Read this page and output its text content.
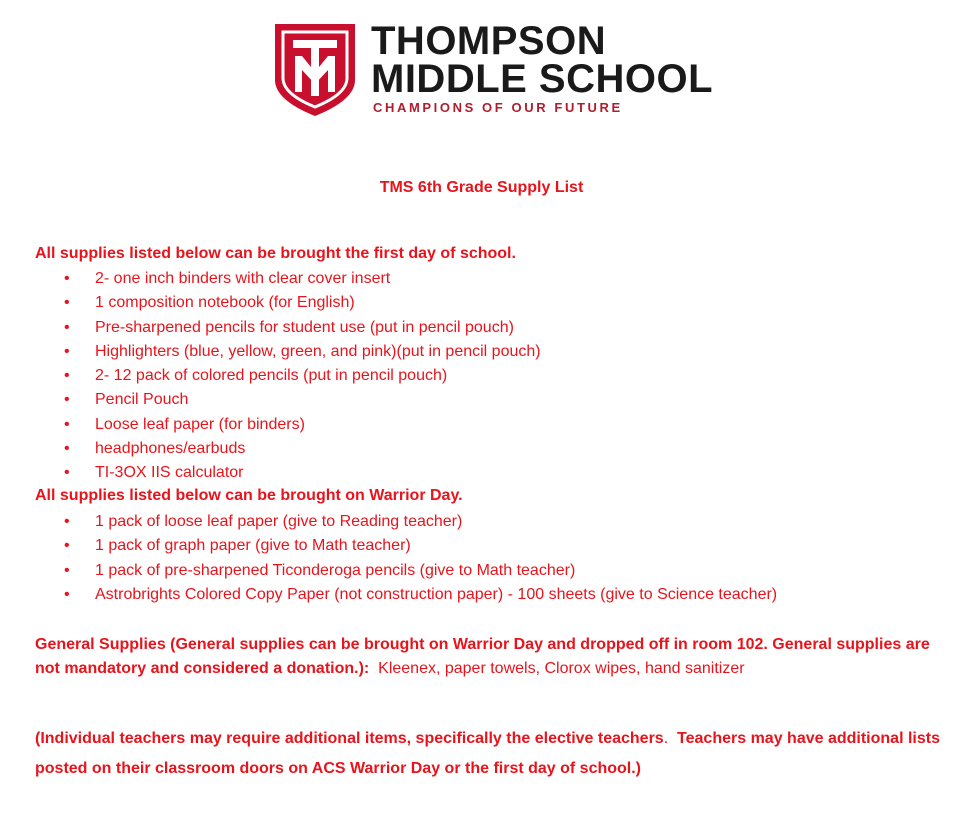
THOMPSON
MIDDLE SCHOOL
CHAMPIONS OF OUR FUTURE
TMS 6th Grade Supply List
All supplies listed below can be brought the first day of school.
• 2- one inch binders with clear cover insert
• 1 composition notebook (for English)
• Pre-sharpened pencils for student use (put in pencil pouch)
• Highlighters (blue, yellow, green, and pink)(put in pencil pouch)
• 2- 12 pack of colored pencils (put in pencil pouch)
• Pencil Pouch
• Loose leaf paper (for binders)
• headphones/earbuds
• TI-3OX IIS calculator
All supplies listed below can be brought on Warrior Day.
• 1 pack of loose leaf paper (give to Reading teacher)
• 1 pack of graph paper (give to Math teacher)
• 1 pack of pre-sharpened Ticonderoga pencils (give to Math teacher)
• Astrobrights Colored Copy Paper (not construction paper) - 100 sheets (give to Science teacher)
General Supplies (General supplies can be brought on Warrior Day and dropped off in room 102. General supplies are not mandatory and considered a donation.): Kleenex, paper towels, Clorox wipes, hand sanitizer
(Individual teachers may require additional items, specifically the elective teachers. Teachers may have additional lists posted on their classroom doors on ACS Warrior Day or the first day of school.)
